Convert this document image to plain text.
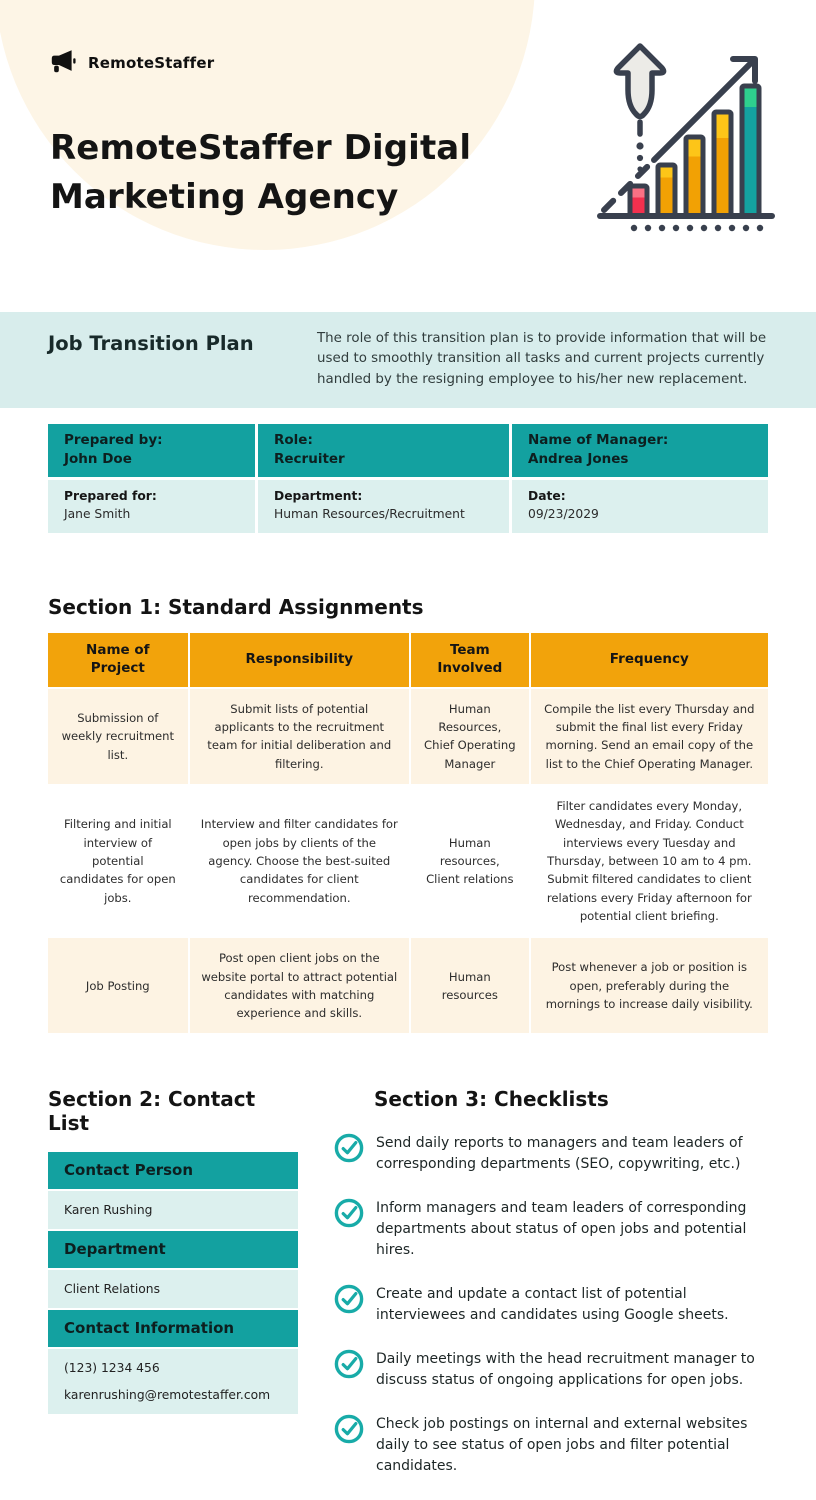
RemoteStaffer
RemoteStaffer Digital Marketing Agency
Job Transition Plan	The role of this transition plan is to provide information that will be used to smoothly transition all tasks and current projects currently handled by the resigning employee to his/her new replacement.

Prepared by:
John Doe
Role:
Recruiter
Name of Manager:
Andrea Jones
Prepared for:
Jane Smith
Department:
Human Resources/Recruitment
Date:
09/23/2029
Section 1: Standard Assignments
Name of Project
Responsibility
Team Involved
Frequency
Submission of weekly recruitment list.
Submit lists of potential applicants to the recruitment team for initial deliberation and filtering.
Human Resources, Chief Operating Manager
Compile the list every Thursday and submit the final list every Friday morning. Send an email copy of the list to the Chief Operating Manager.
Filtering and initial interview of potential candidates for open jobs.
Interview and filter candidates for open jobs by clients of the agency. Choose the best-suited candidates for client recommendation.
Human resources, Client relations
Filter candidates every Monday, Wednesday, and Friday. Conduct interviews every Tuesday and Thursday, between 10 am to 4 pm. Submit filtered candidates to client relations every Friday afternoon for potential client briefing.
Job Posting
Post open client jobs on the website portal to attract potential candidates with matching experience and skills.
Human resources
Post whenever a job or position is open, preferably during the mornings to increase daily visibility.
Section 2: Contact List
Contact Person

Karen Rushing

Department

Client Relations

Contact Information

(123) 1234 456

karenrushing@remotestaffer.com

Section 3: Checklists

Send daily reports to managers and team leaders of corresponding departments (SEO, copywriting, etc.)

Inform managers and team leaders of corresponding departments about status of open jobs and potential hires.

Create and update a contact list of potential interviewees and candidates using Google sheets.

Daily meetings with the head recruitment manager to discuss status of ongoing applications for open jobs.

Check job postings on internal and external websites daily to see status of open jobs and filter potential candidates.
